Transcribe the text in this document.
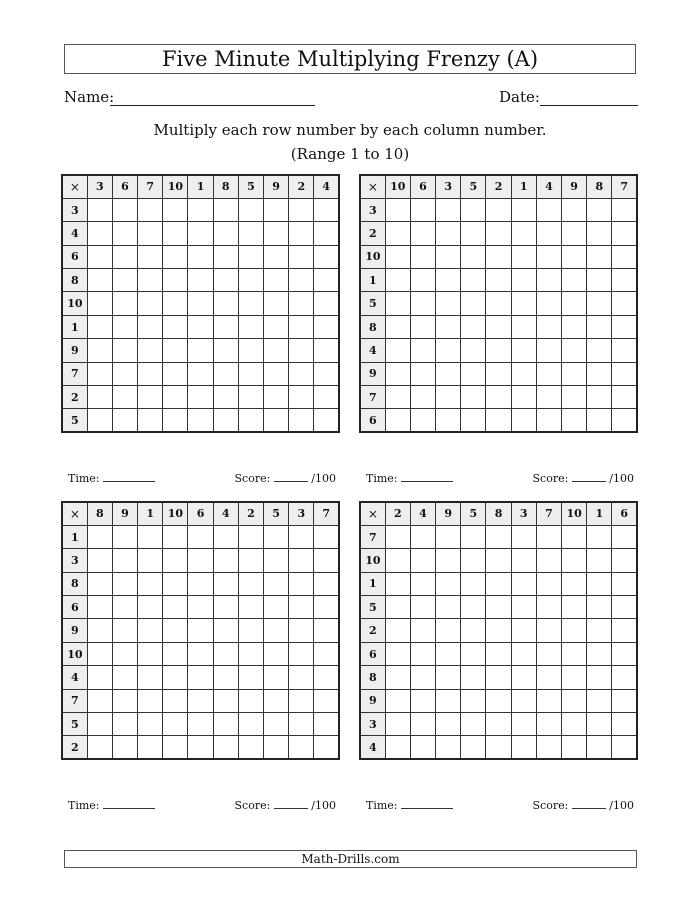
Five Minute Multiplying Frenzy (A)
Name:	Date:
Multiply each row number by each column number.
(Range 1 to 10)
×	3	6	7	10	1	8	5	9	2	4
3										
4										
6										
8										
10										
1										
9										
7										
2										
5										
×	10	6	3	5	2	1	4	9	8	7
3										
2										
10										
1										
5										
8										
4										
9										
7										
6										
×	8	9	1	10	6	4	2	5	3	7
1										
3										
8										
6										
9										
10										
4										
7										
5										
2										
×	2	4	9	5	8	3	7	10	1	6
7										
10										
1										
5										
2										
6										
8										
9										
3										
4										
Time:	Score:	/100	Time:	Score:	/100
Time:	Score:	/100	Time:	Score:	/100
Math-Drills.com
